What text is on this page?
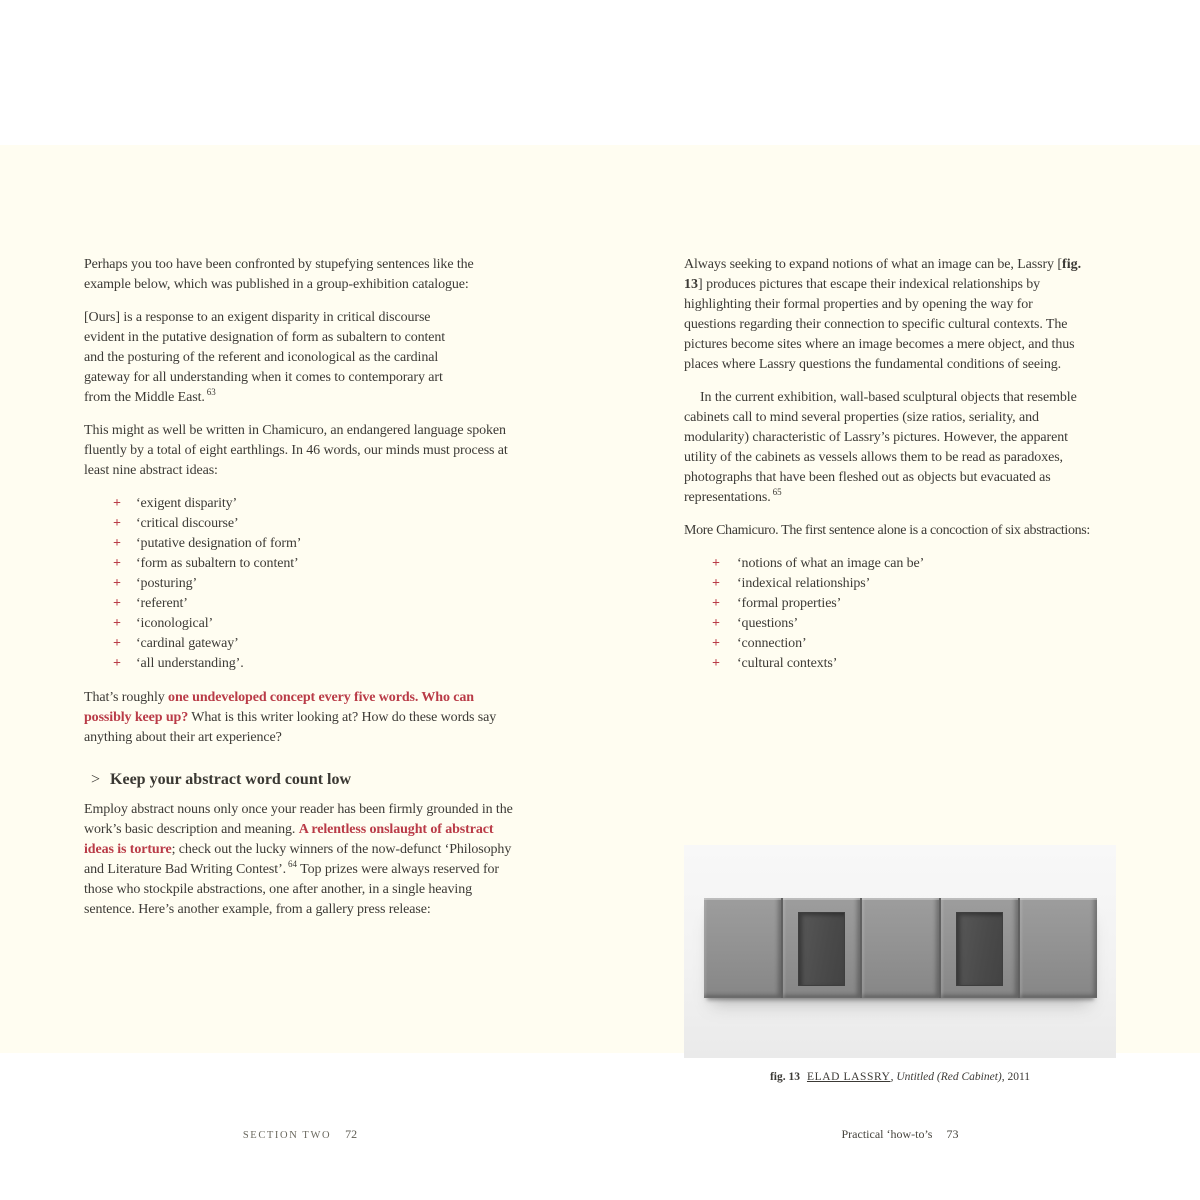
Perhaps you too have been confronted by stupefying sentences like the example below, which was published in a group-exhibition catalogue:

[Ours] is a response to an exigent disparity in critical discourse evident in the putative designation of form as subaltern to content and the posturing of the referent and iconological as the cardinal gateway for all understanding when it comes to contemporary art from the Middle East. $^{63}$

This might as well be written in Chamicuro, an endangered language spoken fluently by a total of eight earthlings. In 46 words, our minds must process at least nine abstract ideas:

+	‘exigent disparity’
+	‘critical discourse’
+	‘putative designation of form’
+	‘form as subaltern to content’
+	‘posturing’
+	‘referent’
+	‘iconological’
+	‘cardinal gateway’
+	‘all understanding’.

That’s roughly one undeveloped concept every five words. Who can possibly keep up? What is this writer looking at? How do these words say anything about their art experience?

> Keep your abstract word count low

Employ abstract nouns only once your reader has been firmly grounded in the work’s basic description and meaning. A relentless onslaught of abstract ideas is torture; check out the lucky winners of the now-defunct ‘Philosophy and Literature Bad Writing Contest’. $^{64}$ Top prizes were always reserved for those who stockpile abstractions, one after another, in a single heaving sentence. Here’s another example, from a gallery press release:

Always seeking to expand notions of what an image can be, Lassry [fig. 13] produces pictures that escape their indexical relationships by highlighting their formal properties and by opening the way for questions regarding their connection to specific cultural contexts. The pictures become sites where an image becomes a mere object, and thus places where Lassry questions the fundamental conditions of seeing.

In the current exhibition, wall-based sculptural objects that resemble cabinets call to mind several properties (size ratios, seriality, and modularity) characteristic of Lassry’s pictures. However, the apparent utility of the cabinets as vessels allows them to be read as paradoxes, photographs that have been fleshed out as objects but evacuated as representations. $^{65}$

More Chamicuro. The first sentence alone is a concoction of six abstractions:

+	‘notions of what an image can be’
+	‘indexical relationships’
+	‘formal properties’
+	‘questions’
+	‘connection’
+	‘cultural contexts’
fig. 13 ELAD LASSRY, Untitled (Red Cabinet), 2011
SECTION TWO 72	Practical ‘how-to’s 73
